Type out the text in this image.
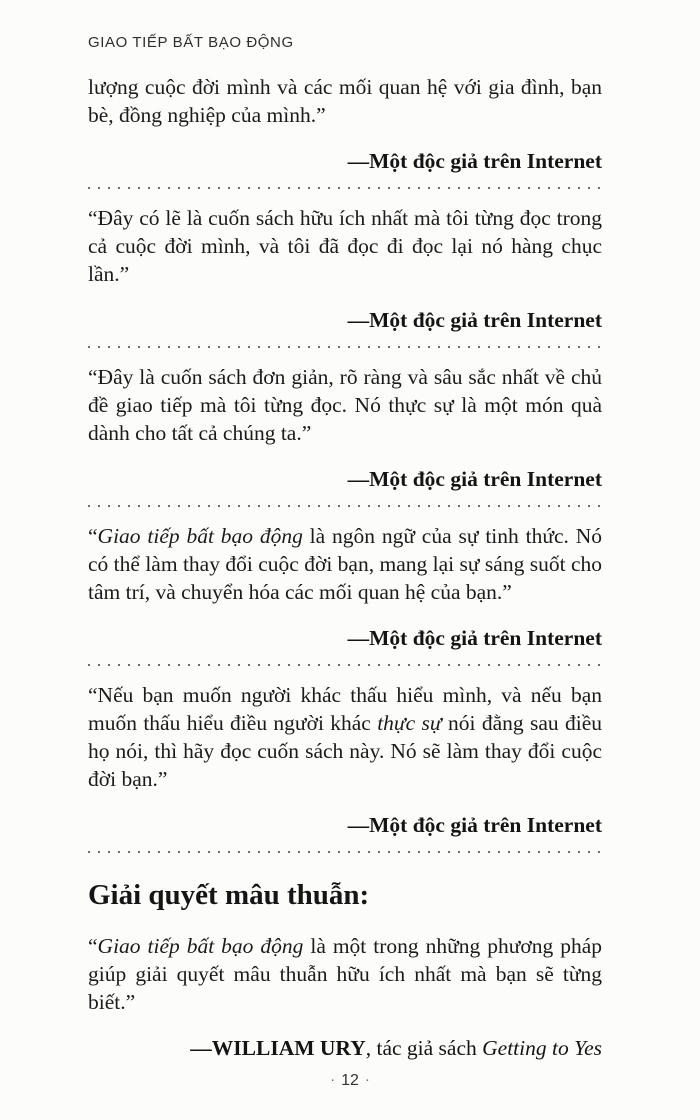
GIAO TIẾP BẤT BẠO ĐỘNG

lượng cuộc đời mình và các mối quan hệ với gia đình, bạn bè, đồng nghiệp của mình.”

—Một độc giả trên Internet

“Đây có lẽ là cuốn sách hữu ích nhất mà tôi từng đọc trong cả cuộc đời mình, và tôi đã đọc đi đọc lại nó hàng chục lần.”

—Một độc giả trên Internet

“Đây là cuốn sách đơn giản, rõ ràng và sâu sắc nhất về chủ đề giao tiếp mà tôi từng đọc. Nó thực sự là một món quà dành cho tất cả chúng ta.”

—Một độc giả trên Internet

“Giao tiếp bất bạo động là ngôn ngữ của sự tinh thức. Nó có thể làm thay đổi cuộc đời bạn, mang lại sự sáng suốt cho tâm trí, và chuyển hóa các mối quan hệ của bạn.”

—Một độc giả trên Internet

“Nếu bạn muốn người khác thấu hiểu mình, và nếu bạn muốn thấu hiểu điều người khác thực sự nói đằng sau điều họ nói, thì hãy đọc cuốn sách này. Nó sẽ làm thay đổi cuộc đời bạn.”

—Một độc giả trên Internet

Giải quyết mâu thuẫn:

“Giao tiếp bất bạo động là một trong những phương pháp giúp giải quyết mâu thuẫn hữu ích nhất mà bạn sẽ từng biết.”

—WILLIAM URY, tác giả sách Getting to Yes

· 12 ·
